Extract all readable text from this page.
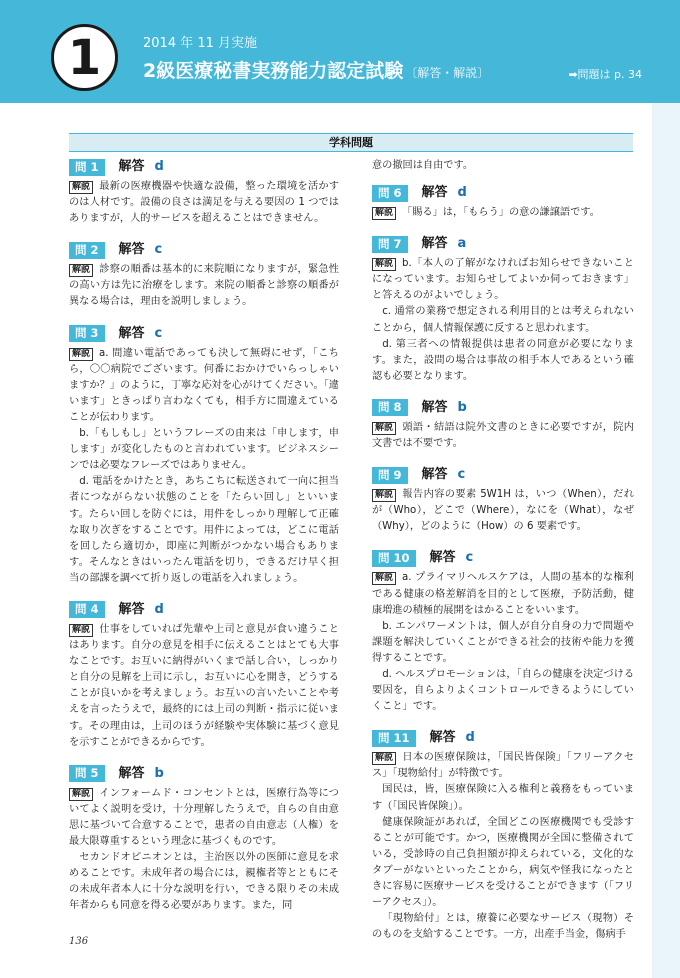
1	2014 年 11 月実施
2級医療秘書実務能力認定試験 〔解答・解説〕	➡問題は p. 34
学科問題
問 1	解答 d

解説 最新の医療機器や快適な設備，整った環境を活かすのは人材です。設備の良さは満足を与える要因の 1 つではありますが，人的サービスを超えることはできません。

問 2	解答 c

解説 診察の順番は基本的に来院順になりますが，緊急性の高い方は先に治療をします。来院の順番と診察の順番が異なる場合は，理由を説明しましょう。

問 3	解答 c

解説 a. 間違い電話であっても決して無碍にせず，「こちら，〇〇病院でございます。何番におかけでいらっしゃいますか？」のように，丁寧な応対を心がけてください。「違います」ときっぱり言わなくても，相手方に間違えていることが伝わります。

b.「もしもし」というフレーズの由来は「申します，申します」が変化したものと言われています。ビジネスシーンでは必要なフレーズではありません。

d. 電話をかけたとき，あちこちに転送されて一向に担当者につながらない状態のことを「たらい回し」といいます。たらい回しを防ぐには，用件をしっかり理解して正確な取り次ぎをすることです。用件によっては，どこに電話を回したら適切か，即座に判断がつかない場合もあります。そんなときはいったん電話を切り，できるだけ早く担当の部課を調べて折り返しの電話を入れましょう。

問 4	解答 d

解説 仕事をしていれば先輩や上司と意見が食い違うことはあります。自分の意見を相手に伝えることはとても大事なことです。お互いに納得がいくまで話し合い，しっかりと自分の見解を上司に示し，お互いに心を開き，どうすることが良いかを考えましょう。お互いの言いたいことや考えを言ったうえで，最終的には上司の判断・指示に従います。その理由は，上司のほうが経験や実体験に基づく意見を示すことができるからです。

問 5	解答 b

解説 インフォームド・コンセントとは，医療行為等についてよく説明を受け，十分理解したうえで，自らの自由意思に基づいて合意することで，患者の自由意志（人権）を最大限尊重するという理念に基づくものです。

セカンドオピニオンとは，主治医以外の医師に意見を求めることです。未成年者の場合には，親権者等とともにその未成年者本人に十分な説明を行い，できる限りその未成年者からも同意を得る必要があります。また，同

意の撤回は自由です。

問 6	解答 d

解説 「賜る」は，「もらう」の意の謙譲語です。

問 7	解答 a

解説 b.「本人の了解がなければお知らせできないことになっています。お知らせしてよいか伺っておきます」と答えるのがよいでしょう。

c. 通常の業務で想定される利用目的とは考えられないことから，個人情報保護に反すると思われます。

d. 第三者への情報提供は患者の同意が必要になります。また，設問の場合は事故の相手本人であるという確認も必要となります。

問 8	解答 b

解説 頭語・結語は院外文書のときに必要ですが，院内文書では不要です。

問 9	解答 c

解説 報告内容の要素 5W1H は，いつ（When），だれが（Who），どこで（Where），なにを（What），なぜ（Why），どのように（How）の 6 要素です。

問 10	解答 c

解説 a. プライマリヘルスケアは，人間の基本的な権利である健康の格差解消を目的として医療，予防活動，健康増進の積極的展開をはかることをいいます。

b. エンパワーメントは，個人が自分自身の力で問題や課題を解決していくことができる社会的技術や能力を獲得することです。

d. ヘルスプロモーションは，「自らの健康を決定づける要因を，自らよりよくコントロールできるようにしていくこと」です。

問 11	解答 d

解説 日本の医療保険は，「国民皆保険」「フリーアクセス」「現物給付」が特徴です。

国民は，皆，医療保険に入る権利と義務をもっています（「国民皆保険」）。

健康保険証があれば，全国どこの医療機関でも受診することが可能です。かつ，医療機関が全国に整備されている，受診時の自己負担額が抑えられている，文化的なタブーがないといったことから，病気や怪我になったときに容易に医療サービスを受けることができます（「フリーアクセス」）。

「現物給付」とは，療養に必要なサービス（現物）そのものを支給することです。一方，出産手当金，傷病手

136
